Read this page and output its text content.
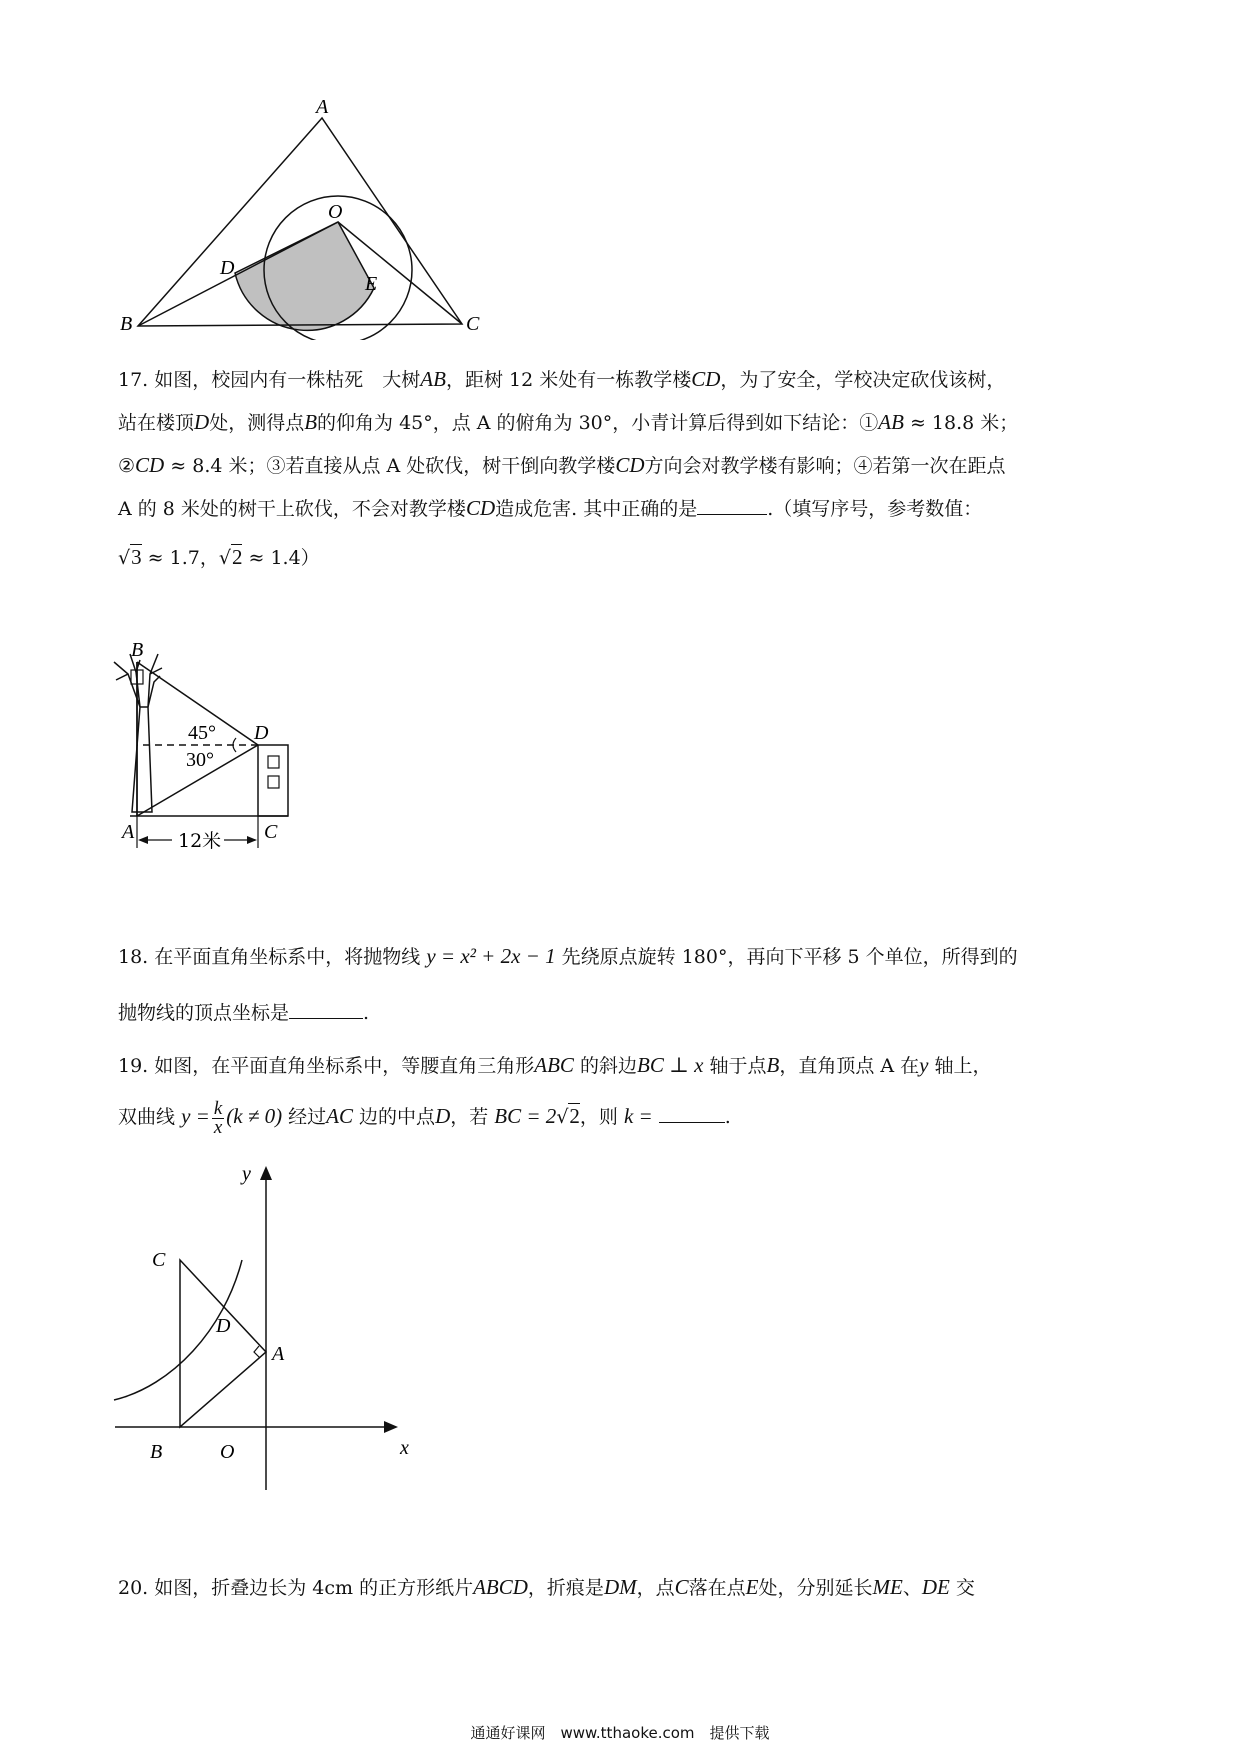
A
B	C
O
D
E
17. 如图，校园内有一株枯死　大树AB，距树 12 米处有一栋教学楼CD，为了安全，学校决定砍伐该树，
站在楼顶D处，测得点B的仰角为 45°，点 A 的俯角为 30°，小青计算后得到如下结论：①AB ≈ 18.8 米；
②CD ≈ 8.4 米；③若直接从点 A 处砍伐，树干倒向教学楼CD方向会对教学楼有影响；④若第一次在距点
A 的 8 米处的树干上砍伐，不会对教学楼CD造成危害. 其中正确的是	.（填写序号，参考数值：
√3 ≈ 1.7，√2 ≈ 1.4）
B
D
A	C
45°
30°
12米
18. 在平面直角坐标系中，将抛物线 y = x² + 2x − 1 先绕原点旋转 180°，再向下平移 5 个单位，所得到的
抛物线的顶点坐标是	.
19. 如图，在平面直角坐标系中，等腰直角三角形ABC 的斜边BC ⊥ x 轴于点B，直角顶点 A 在y 轴上，
双曲线 $y = \frac{k}{x} (k \ne 0)$ 经过AC 边的中点D，若 BC = 2√2，则 k =	.
y
x
C
D
A
B	O
20. 如图，折叠边长为 4cm 的正方形纸片ABCD，折痕是DM，点C落在点E处，分别延长ME、DE 交
通通好课网　www.tthaoke.com　提供下载
